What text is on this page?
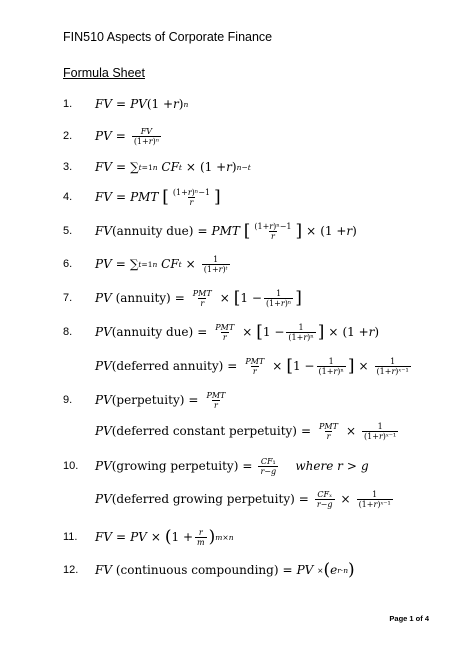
FIN510 Aspects of Corporate Finance
Formula Sheet
1.	FV = PV (1 + r ) n
2.	PV = $\frac{FV}{\text{(1+r)ⁿ}}$
3.	FV = ∑ t=1 n
CF t × (1 + r ) n−t
4.	FV = PMT
[ $\frac{\text{(1+r)ⁿ−1}}{r}$ ]
5.	FV (annuity due) = PMT
[ $\frac{\text{(1+r)ⁿ−1}}{r}$ ] × (1 + r )
6.	PV = ∑ t=1 n
CF $t \times \frac{1}{\text{(1+r)ᵗ}}$
7.	PV
(annuity) = $\frac{\text{PMT}}{r}$ × [ $1 - \frac{1}{\text{(1+r)ⁿ}}$ ]
8.	PV (annuity $due) = \frac{\text{PMT}}{r}$ × [ $1 - \frac{1}{\text{(1+r)ⁿ}}$ ] × (1 + r )
PV (deferred annuity) = $\frac{\text{PMT}}{r}$ × [ $1 - \frac{1}{\text{(1+r)ⁿ}}$ ] × $\frac{1}{\text{(1+r)ˣ⁻¹}}$
9.	PV (perpetuity) = $\frac{\text{PMT}}{r}$
PV (deferred constant perpetuity) = $\frac{\text{PMT}}{r} \times \frac{1}{\text{(1+r)ˣ⁻¹}}$
10.	PV (growing perpetuity) = $\frac{\text{CF₁}}{r-g}$
where r > g
PV (deferred growing perpetuity) = $\frac{\text{CFₓ}}{r-g} \times \frac{1}{\text{(1+r)ˣ⁻¹}}$
11.	FV = PV × ( $1 + \frac{r}{m}$ ) m×n
12.	FV
(continuous compounding) = PV
× ( e r·n )
Page 1 of 4
